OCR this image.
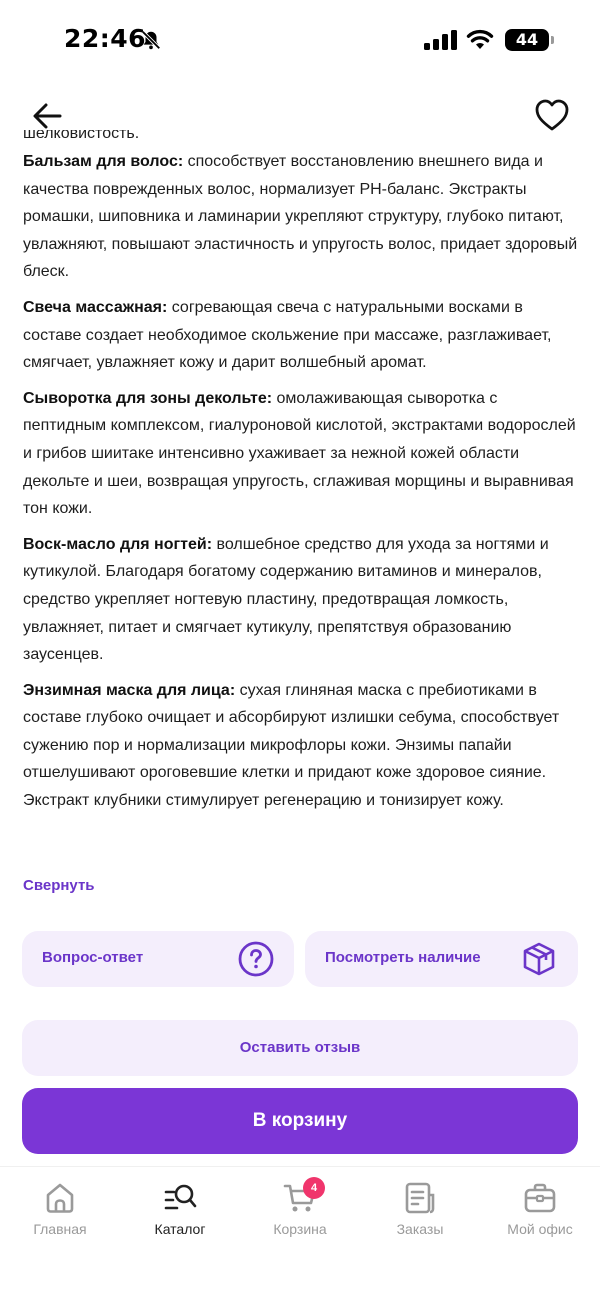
22:46	44
шелковистость.

Бальзам для волос: способствует восстановлению внешнего вида и качества поврежденных волос, нормализует PH-баланс. Экстракты ромашки, шиповника и ламинарии укрепляют структуру, глубоко питают, увлажняют, повышают эластичность и упругость волос, придает здоровый блеск.

Свеча массажная: согревающая свеча с натуральными восками в составе создает необходимое скольжение при массаже, разглаживает, смягчает, увлажняет кожу и дарит волшебный аромат.

Сыворотка для зоны декольте: омолаживающая сыворотка с пептидным комплексом, гиалуроновой кислотой, экстрактами водорослей и грибов шиитаке интенсивно ухаживает за нежной кожей области декольте и шеи, возвращая упругость, сглаживая морщины и выравнивая тон кожи.

Воск-масло для ногтей: волшебное средство для ухода за ногтями и кутикулой. Благодаря богатому содержанию витаминов и минералов, средство укрепляет ногтевую пластину, предотвращая ломкость, увлажняет, питает и смягчает кутикулу, препятствуя образованию заусенцев.

Энзимная маска для лица: сухая глиняная маска с пребиотиками в составе глубоко очищает и абсорбируют излишки себума, способствует сужению пор и нормализации микрофлоры кожи. Энзимы папайи отшелушивают ороговевшие клетки и придают коже здоровое сияние. Экстракт клубники стимулирует регенерацию и тонизирует кожу.

Свернуть
Вопрос-ответ	Посмотреть наличие
Оставить отзыв
В корзину
Главная	Каталог
4
Корзина	Заказы	Мой офис
